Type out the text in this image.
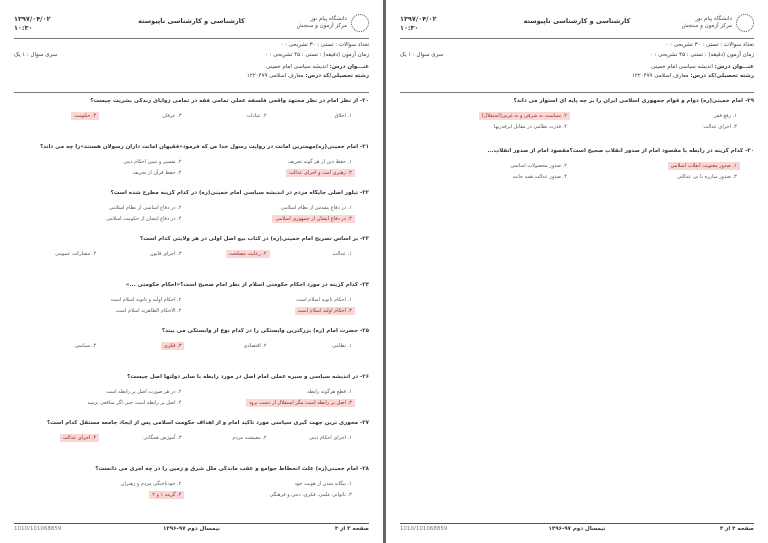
دانشگاه پیام نور
مرکز آزمون و سنجش
کارشناسی و کارشناسی ناپیوسته
۱۳۹۷/۰۴/۰۲
۱۰:۳۰
تعداد سوالات : تستی : ۳۰ تشریحی : ۰
زمان آزمون (دقیقه) : تستی : ۴۵ تشریحی : ۰
سری سوال : ۱ یک
عنـــوان درس: اندیشه سیاسی امام خمینی
رشته تحصیلی/کد درس: معارف اسلامی ۱۲۲۰۴۷۹
۲۰- از نظر امام در نظر مجتهد واقعی فلسفه عملی تمامی فقه در تمامی زوایای زندگی بشریت چیست؟
۱. اخلاق
۲. عبادات
۳. عرفان
۴. حکومت
۲۱- امام خمینی(ره)مهمترین امانت در روایت رسول خدا ص که فرمود«فقیهان امانت داران رسولان هستند»را چه می داند؟
۱. حفظ دین از هر گونه تحریف
۲. تفسیر و تبیین احکام دینی
۳. رهبری امت و اجرای عدالت
۴. حفظ قرآن از تحریف
۲۲- تبلور اصلی جایگاه مردم در اندیشه سیاسی امام خمینی(ره) در کدام گزینه مطرح شده است؟
۱. در دفاع مقدس از نظام اسلامی
۲. در دفاع اساسی از نظام اسلامی
۳. در دفاع ایشان از جمهوری اسلامی
۴. در دفاع ایشان از حکومت اسلامی
۲۳- بر اساس تصریح امام خمینی(ره) در کتاب بیع اصل اولی در هر ولایتی کدام است؟
۱. عدالت
۲. رعایت مصلحت
۳. اجرای قانون
۴. مشارکت عمومی
۲۴- کدام گزینه در مورد احکام حکومتی اسلام از نظر امام صحیح است؟«احکام حکومتی ...»
۱. احکام ثانویه اسلام است
۲. احکام اولیه و ثانویه اسلام است
۳. احکام اولیه اسلام است
۴. الاحکام الظاهریه اسلام است
۲۵- حضرت امام (ره) بزرگترین وابستگی را در کدام نوع از وابستگی می بیند؟
۱. نظامی
۲. اقتصادی
۳. فکری
۴. سیاسی
۲۶- در اندیشه سیاسی و سیره عملی امام اصل در مورد رابطه با سایر دولتها اصل چیست؟
۱. قطع هرگونه رابطه
۲. در هر صورت اصل بر رابطه است
۳. اصل بر رابطه است مگر استقلال از دست برود
۴. اصل بر رابطه است حتی اگر منافعی نرسد
۲۷- محوری ترین جهت گیری سیاسی مورد تاکید امام و از اهداف حکومت اسلامی پس از ایجاد جامعه مستقل کدام است؟
۱. اجرای احکام دینی
۲. معیشت مردم
۳. آموزش همگانی
۴. اجرای عدالت
۲۸- امام خمینی(ره) علت انحطاط جوامع و عقب ماندگی ملل شرق و زمین را در چه امری می دانست؟
۱. بیگانه شدن از هویت خود
۲. خودباختگی مردم و رهبران
۳. ناتوانی علمی، فکری، دینی و فرهنگی
۴. گزینه ۱ و ۲
صفحه ۳ از ۴
نیمسال دوم ۹۷-۱۳۹۶
1010/101068859
دانشگاه پیام نور
مرکز آزمون و سنجش
کارشناسی و کارشناسی ناپیوسته
۱۳۹۷/۰۴/۰۲
۱۰:۳۰
تعداد سوالات : تستی : ۳۰ تشریحی : ۰
زمان آزمون (دقیقه) : تستی : ۴۵ تشریحی : ۰
سری سوال : ۱ یک
عنـــوان درس: اندیشه سیاسی امام خمینی
رشته تحصیلی/کد درس: معارف اسلامی ۱۲۲۰۴۷۹
۲۹- امام خمینی(ره) دوام و قوام جمهوری اسلامی ایران را بر چه پایه ای استوار می داند؟
۱. رفع فقر
۲. سیاست نه شرقی و نه غربی(استقلال)
۳. اجرای عدالت
۴. قدرت نظامی در مقابل ابرقدرتها
۳۰- کدام گزینه در رابطه با مقصود امام از صدور انقلاب صحیح است؟مقصود امام از صدور انقلاب...
۱. صدور معنویت انقلاب اسلامی
۲. صدور محصولات اساسی
۳. صدور مبارزه با بی عدالتی
۴. صدور عدالت همه جانبه
صفحه ۴ از ۴
نیمسال دوم ۹۷-۱۳۹۶
1010/101068859
